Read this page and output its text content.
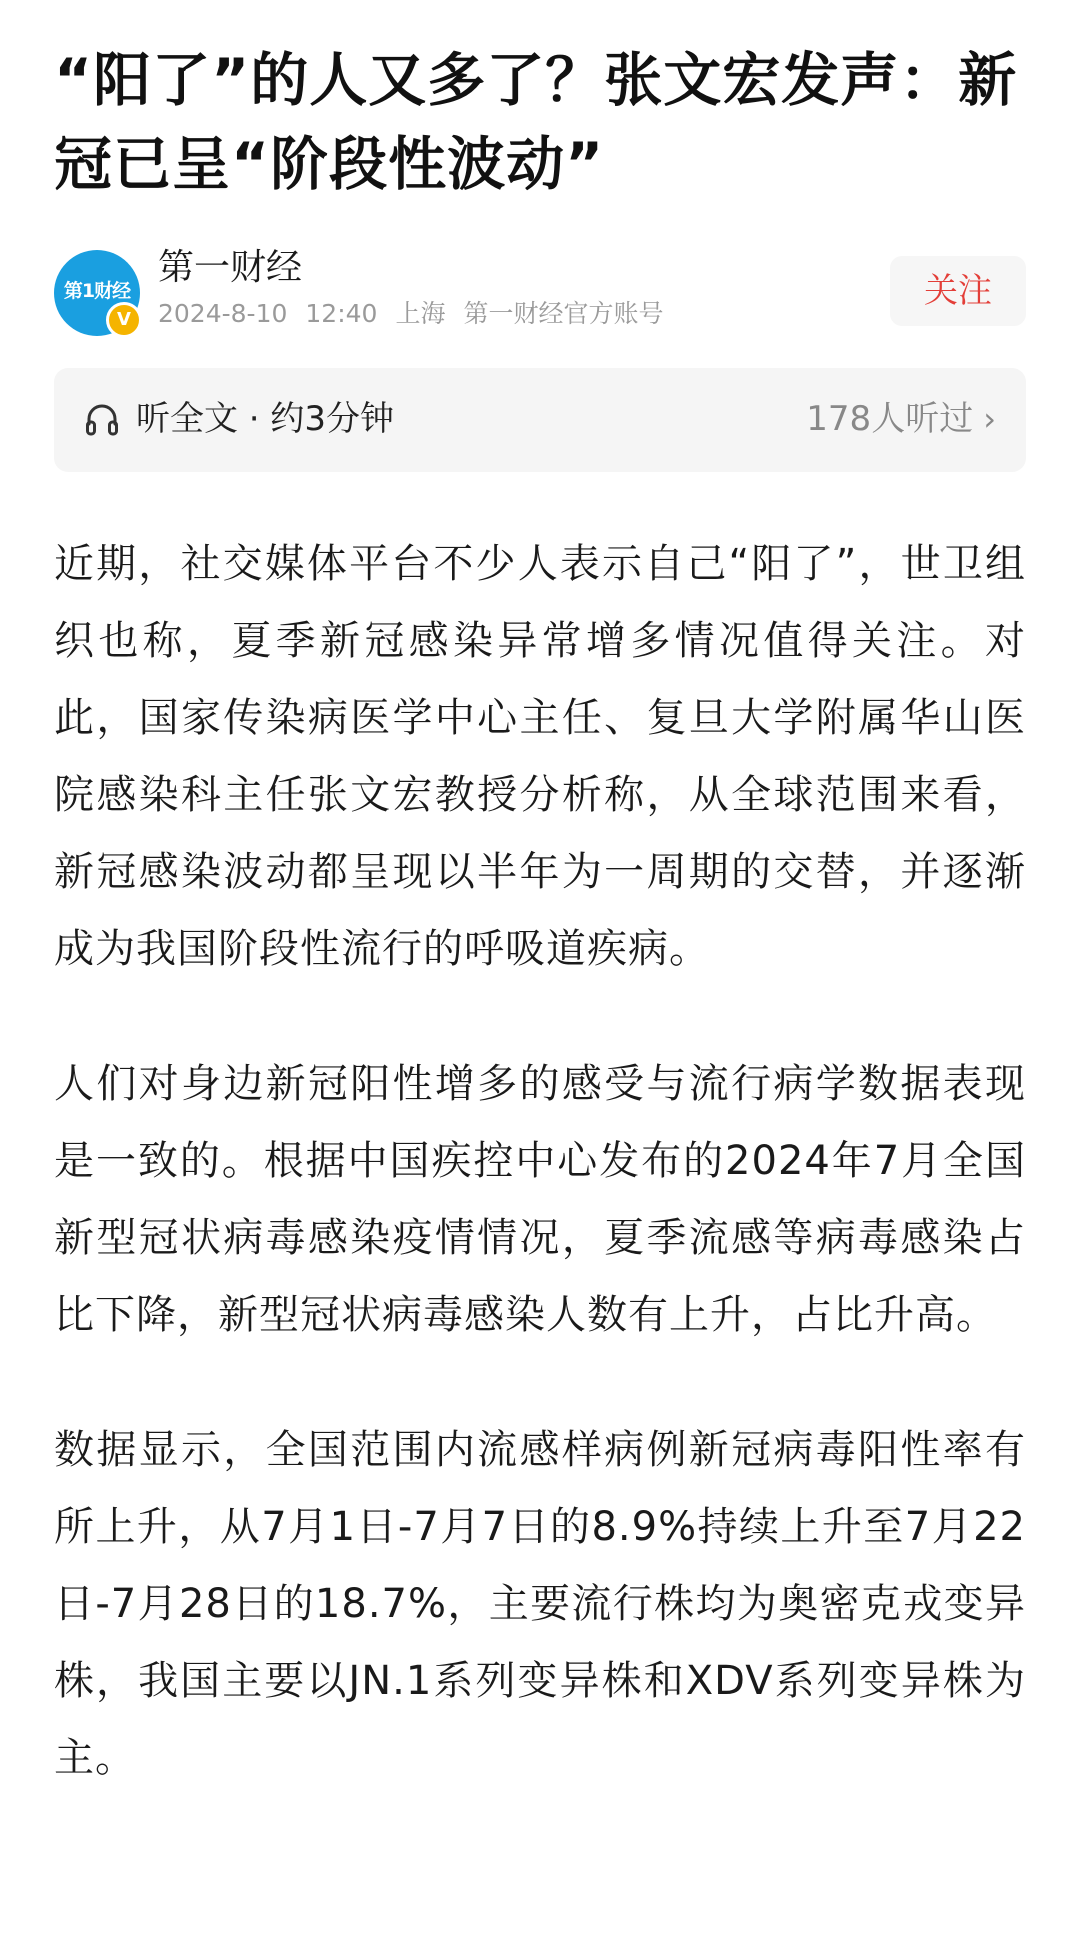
“阳了”的人又多了？张文宏发声：新冠已呈“阶段性波动”
第1财经
V
第一财经
2024-8-10 12:40 上海 第一财经官方账号
关注
听全文 · 约3分钟	178人听过 ›

近期，社交媒体平台不少人表示自己“阳了”，世卫组织也称，夏季新冠感染异常增多情况值得关注。对此，国家传染病医学中心主任、复旦大学附属华山医院感染科主任张文宏教授分析称，从全球范围来看，新冠感染波动都呈现以半年为一周期的交替，并逐渐成为我国阶段性流行的呼吸道疾病。

人们对身边新冠阳性增多的感受与流行病学数据表现是一致的。根据中国疾控中心发布的2024年7月全国新型冠状病毒感染疫情情况，夏季流感等病毒感染占比下降，新型冠状病毒感染人数有上升，占比升高。

数据显示，全国范围内流感样病例新冠病毒阳性率有所上升，从7月1日-7月7日的8.9%持续上升至7月22日-7月28日的18.7%，主要流行株均为奥密克戎变异株，我国主要以JN.1系列变异株和XDV系列变异株为主。
